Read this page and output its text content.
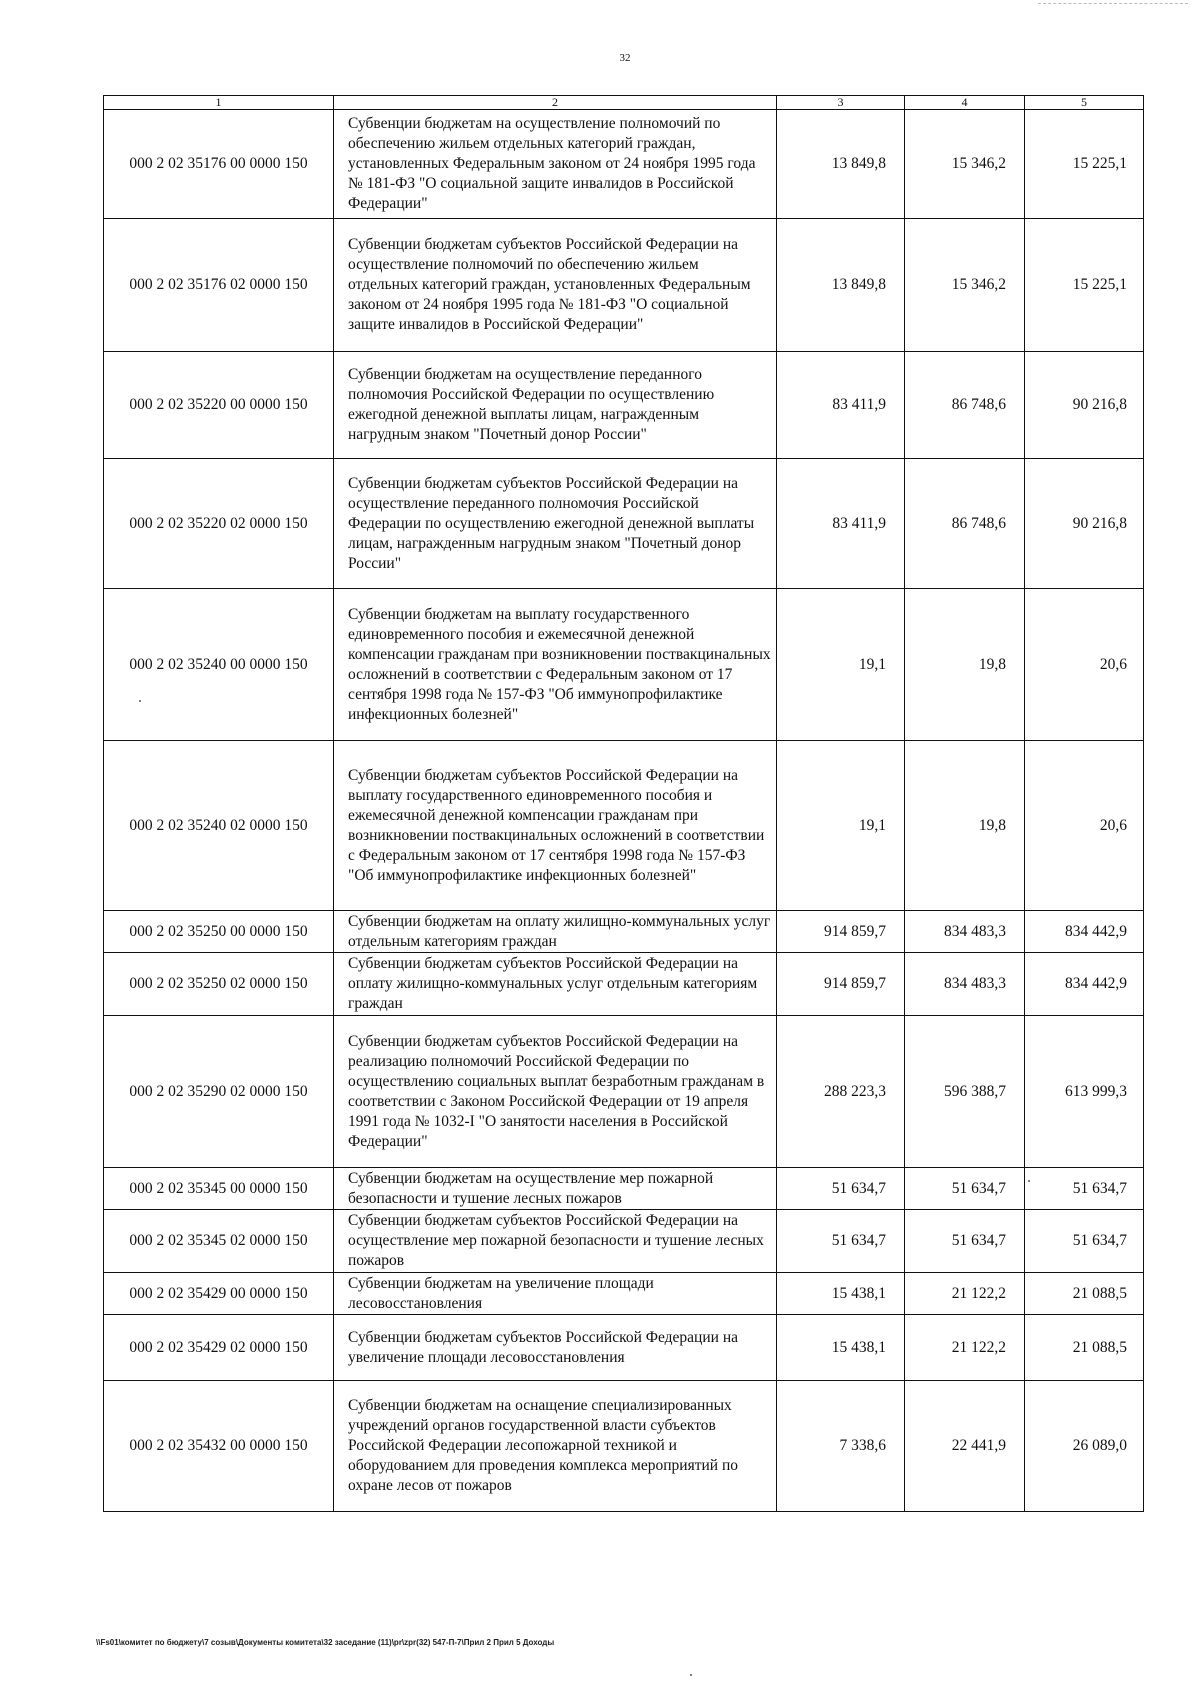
32
1	2	3	4	5
000 2 02 35176 00 0000 150	Субвенции бюджетам на осуществление полномочий по обеспечению жильем отдельных категорий граждан, установленных Федеральным законом от 24 ноября 1995 года № 181-ФЗ "О социальной защите инвалидов в Российской Федерации"	13 849,8	15 346,2	15 225,1
000 2 02 35176 02 0000 150	Субвенции бюджетам субъектов Российской Федерации на осуществление полномочий по обеспечению жильем отдельных категорий граждан, установленных Федеральным законом от 24 ноября 1995 года № 181-ФЗ "О социальной защите инвалидов в Российской Федерации"	13 849,8	15 346,2	15 225,1
000 2 02 35220 00 0000 150	Субвенции бюджетам на осуществление переданного полномочия Российской Федерации по осуществлению ежегодной денежной выплаты лицам, награжденным нагрудным знаком "Почетный донор России"	83 411,9	86 748,6	90 216,8
000 2 02 35220 02 0000 150	Субвенции бюджетам субъектов Российской Федерации на осуществление переданного полномочия Российской Федерации по осуществлению ежегодной денежной выплаты лицам, награжденным нагрудным знаком "Почетный донор России"	83 411,9	86 748,6	90 216,8
000 2 02 35240 00 0000 150	Субвенции бюджетам на выплату государственного единовременного пособия и ежемесячной денежной компенсации гражданам при возникновении поствакцинальных осложнений в соответствии с Федеральным законом от 17 сентября 1998 года № 157-ФЗ "Об иммунопрофилактике инфекционных болезней"	19,1	19,8	20,6
000 2 02 35240 02 0000 150	Субвенции бюджетам субъектов Российской Федерации на выплату государственного единовременного пособия и ежемесячной денежной компенсации гражданам при возникновении поствакцинальных осложнений в соответствии с Федеральным законом от 17 сентября 1998 года № 157-ФЗ "Об иммунопрофилактике инфекционных болезней"	19,1	19,8	20,6
000 2 02 35250 00 0000 150	Субвенции бюджетам на оплату жилищно-коммунальных услуг отдельным категориям граждан	914 859,7	834 483,3	834 442,9
000 2 02 35250 02 0000 150	Субвенции бюджетам субъектов Российской Федерации на оплату жилищно-коммунальных услуг отдельным категориям граждан	914 859,7	834 483,3	834 442,9
000 2 02 35290 02 0000 150	Субвенции бюджетам субъектов Российской Федерации на реализацию полномочий Российской Федерации по осуществлению социальных выплат безработным гражданам в соответствии с Законом Российской Федерации от 19 апреля 1991 года № 1032-I "О занятости населения в Российской Федерации"	288 223,3	596 388,7	613 999,3
000 2 02 35345 00 0000 150	Субвенции бюджетам на осуществление мер пожарной безопасности и тушение лесных пожаров	51 634,7	51 634,7	51 634,7
000 2 02 35345 02 0000 150	Субвенции бюджетам субъектов Российской Федерации на осуществление мер пожарной безопасности и тушение лесных пожаров	51 634,7	51 634,7	51 634,7
000 2 02 35429 00 0000 150	Субвенции бюджетам на увеличение площади лесовосстановления	15 438,1	21 122,2	21 088,5
000 2 02 35429 02 0000 150	Субвенции бюджетам субъектов Российской Федерации на увеличение площади лесовосстановления	15 438,1	21 122,2	21 088,5
000 2 02 35432 00 0000 150	Субвенции бюджетам на оснащение специализированных учреждений органов государственной власти субъектов Российской Федерации лесопожарной техникой и оборудованием для проведения комплекса мероприятий по охране лесов от пожаров	7 338,6	22 441,9	26 089,0
\\Fs01\комитет по бюджету\7 созыв\Документы комитета\32 заседание (11)\pr\zpr(32) 547-П-7\Прил 2 Прил 5 Доходы
